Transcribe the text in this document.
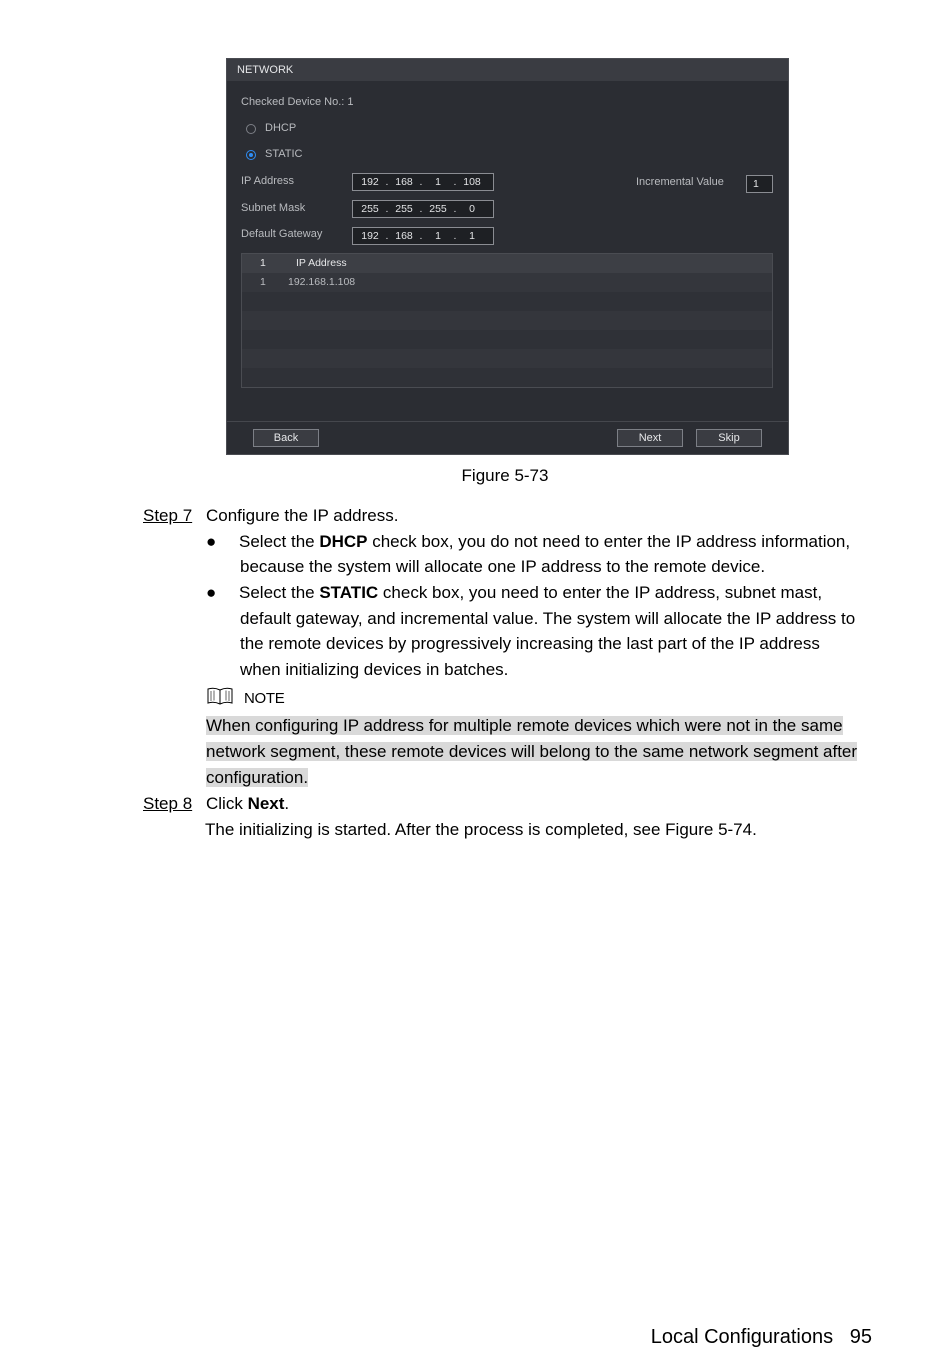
NETWORK
Checked Device No.: 1
DHCP
STATIC
IP Address	192 . 168 .	1	. 108	Incremental Value	1
Subnet Mask	255 . 255 . 255 .	0
Default Gateway	192 . 168 .	1	.	1
1	IP Address
1 192.168.1.108
Back	Next	Skip
Figure 5-73
Step 7 Configure the IP address.
● Select the DHCP check box, you do not need to enter the IP address information,
because the system will allocate one IP address to the remote device.
● Select the STATIC check box, you need to enter the IP address, subnet mast,
default gateway, and incremental value. The system will allocate the IP address to
the remote devices by progressively increasing the last part of the IP address
when initializing devices in batches.
NOTE
When configuring IP address for multiple remote devices which were not in the same
network segment, these remote devices will belong to the same network segment after
configuration.
Step 8 Click Next.
The initializing is started. After the process is completed, see Figure 5-74.
Local Configurations 95
